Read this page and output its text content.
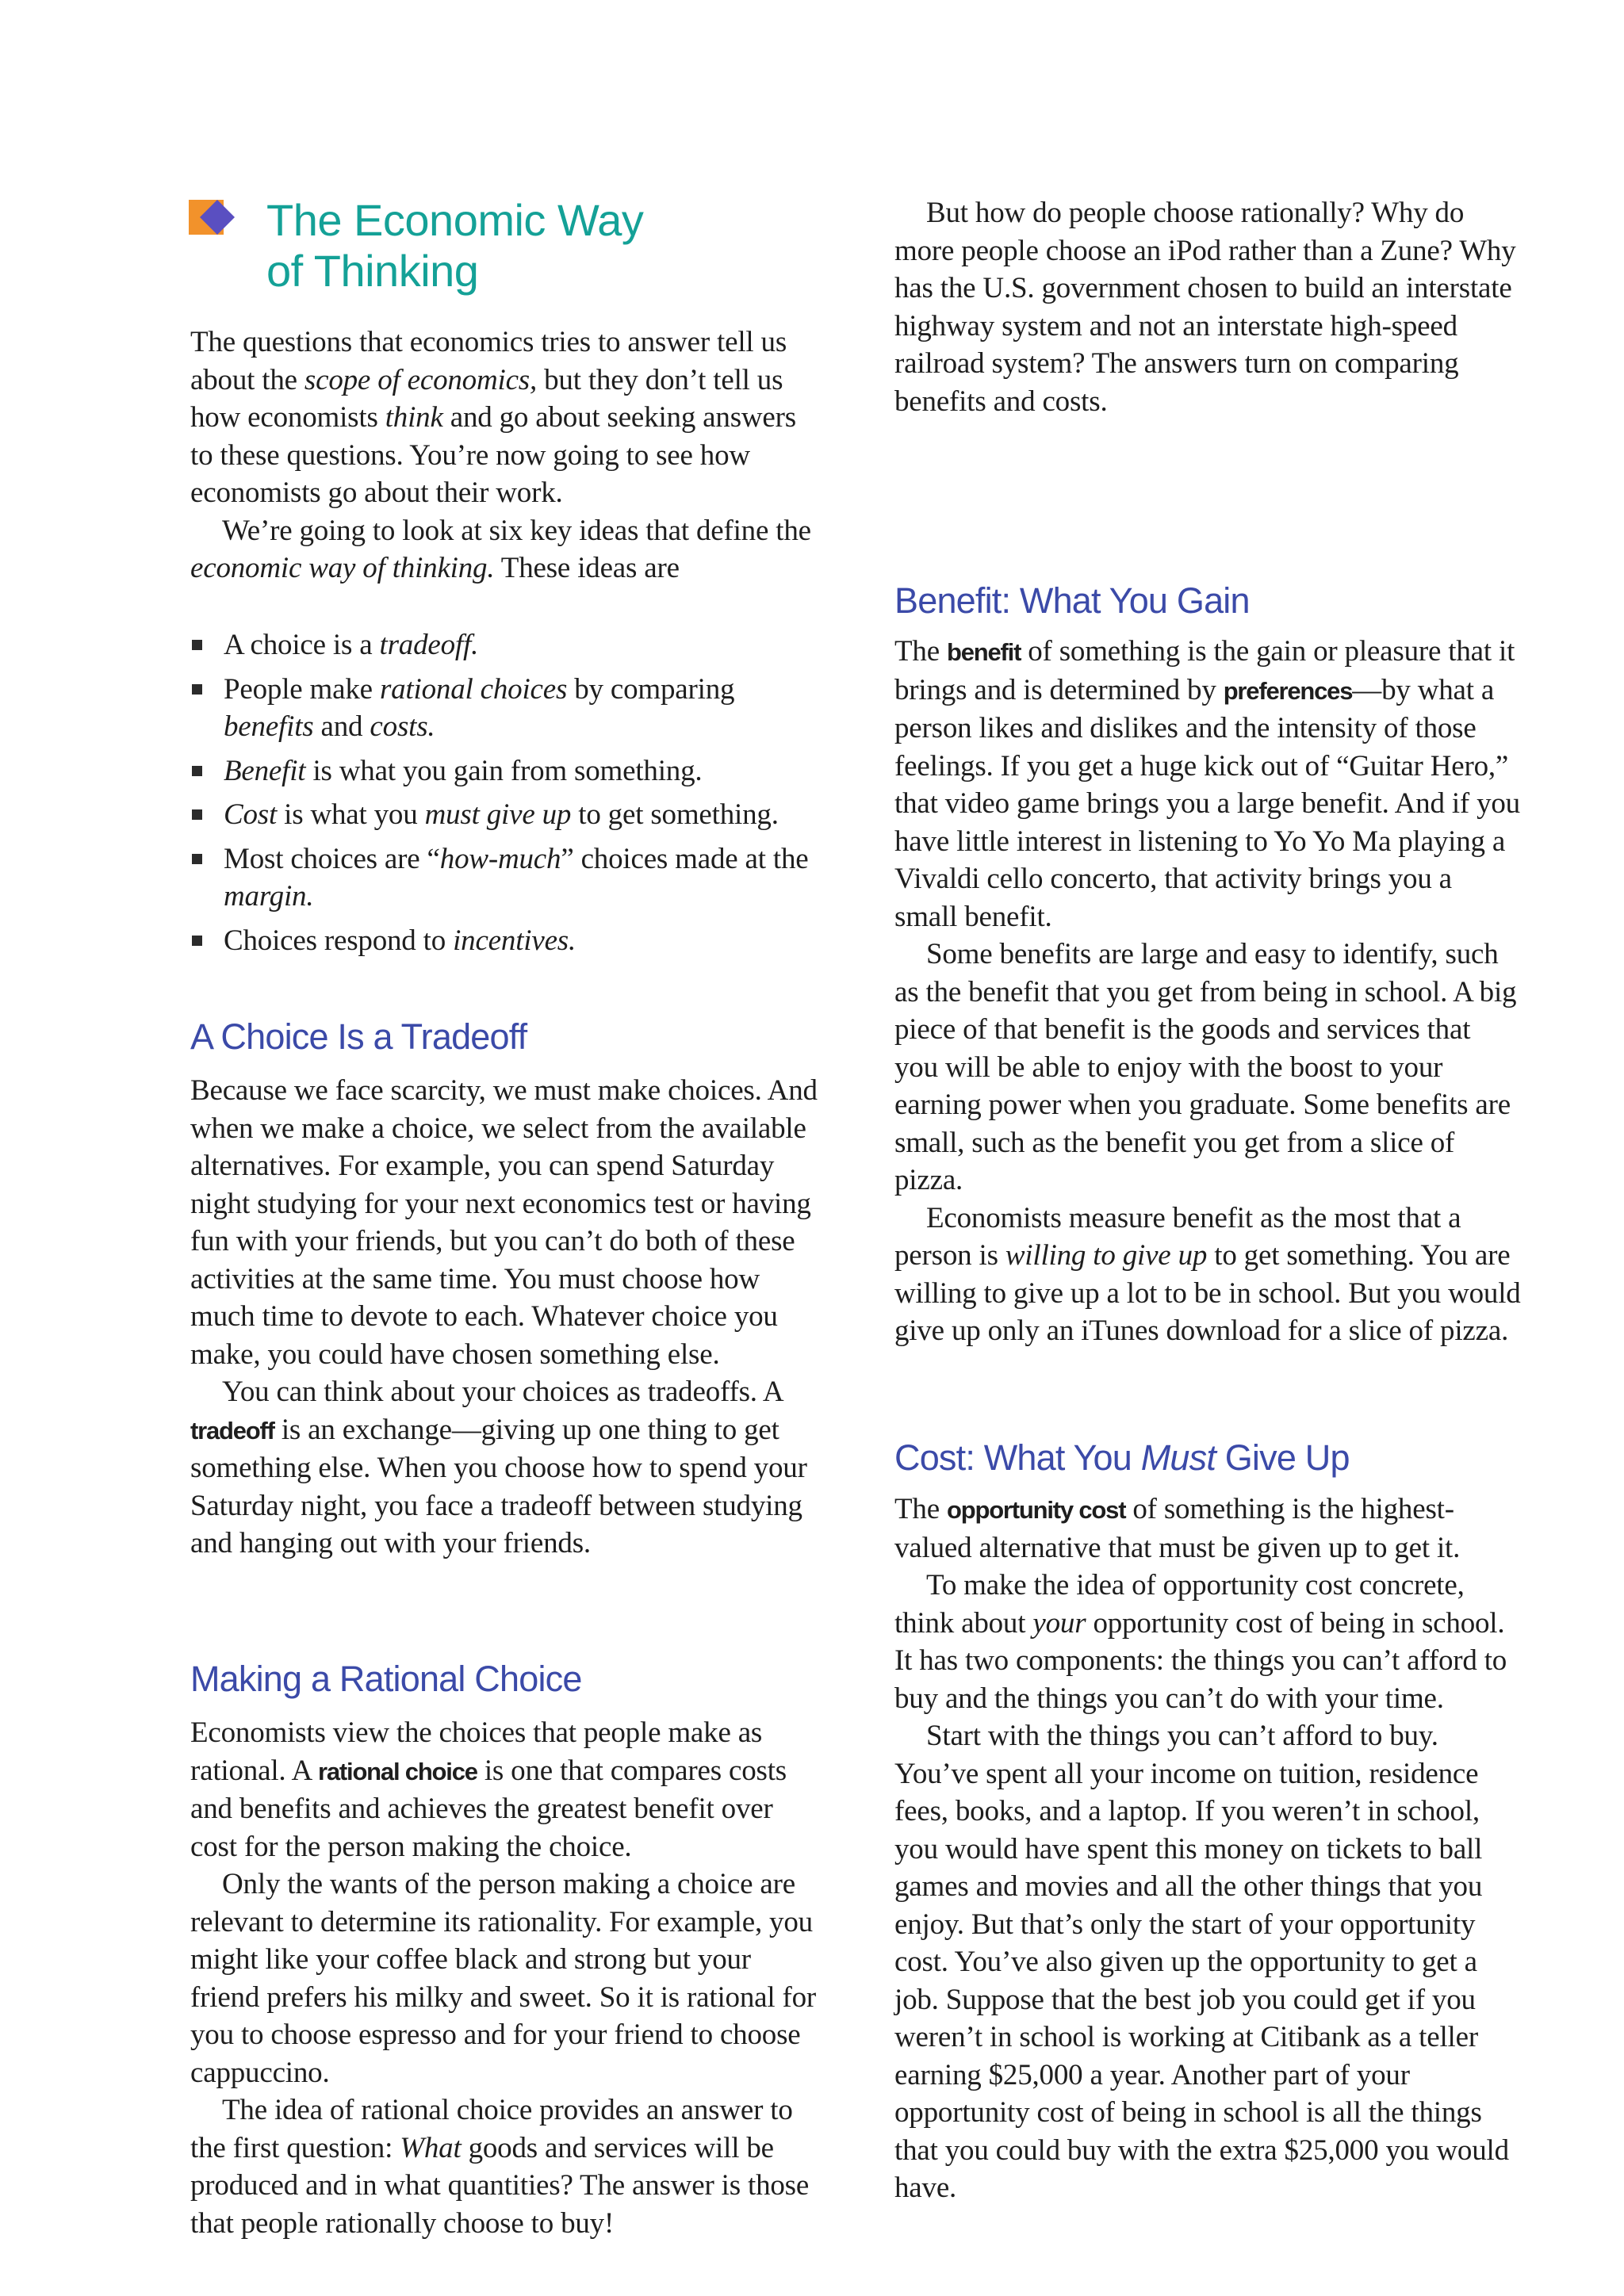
The Economic Way
of Thinking

The questions that economics tries to answer tell us about the scope of economics, but they don’t tell us how economists think and go about seeking answers to these questions. You’re now going to see how economists go about their work.

We’re going to look at six key ideas that define the economic way of thinking. These ideas are

A choice is a tradeoff.
People make rational choices by comparing benefits and costs.
Benefit is what you gain from something.
Cost is what you must give up to get something.
Most choices are “how-much” choices made at the margin.
Choices respond to incentives.
A Choice Is a Tradeoff

Because we face scarcity, we must make choices. And when we make a choice, we select from the available alternatives. For example, you can spend Saturday night studying for your next economics test or having fun with your friends, but you can’t do both of these activities at the same time. You must choose how much time to devote to each. Whatever choice you make, you could have chosen something else.

You can think about your choices as tradeoffs. A tradeoff is an exchange—giving up one thing to get something else. When you choose how to spend your Saturday night, you face a tradeoff between studying and hanging out with your friends.

Making a Rational Choice

Economists view the choices that people make as rational. A rational choice is one that compares costs and benefits and achieves the greatest benefit over cost for the person making the choice.

Only the wants of the person making a choice are relevant to determine its rationality. For example, you might like your coffee black and strong but your friend prefers his milky and sweet. So it is rational for you to choose espresso and for your friend to choose cappuccino.

The idea of rational choice provides an answer to the first question: What goods and services will be produced and in what quantities? The answer is those that people rationally choose to buy!

But how do people choose rationally? Why do more people choose an iPod rather than a Zune? Why has the U.S. government chosen to build an interstate highway system and not an interstate high-speed railroad system? The answers turn on comparing benefits and costs.

Benefit: What You Gain

The benefit of something is the gain or pleasure that it brings and is determined by preferences—by what a person likes and dislikes and the intensity of those feelings. If you get a huge kick out of “Guitar Hero,” that video game brings you a large benefit. And if you have little interest in listening to Yo Yo Ma playing a Vivaldi cello concerto, that activity brings you a small benefit.

Some benefits are large and easy to identify, such as the benefit that you get from being in school. A big piece of that benefit is the goods and services that you will be able to enjoy with the boost to your earning power when you graduate. Some benefits are small, such as the benefit you get from a slice of pizza.

Economists measure benefit as the most that a person is willing to give up to get something. You are willing to give up a lot to be in school. But you would give up only an iTunes download for a slice of pizza.

Cost: What You Must Give Up

The opportunity cost of something is the highest-valued alternative that must be given up to get it.

To make the idea of opportunity cost concrete, think about your opportunity cost of being in school. It has two components: the things you can’t afford to buy and the things you can’t do with your time.

Start with the things you can’t afford to buy. You’ve spent all your income on tuition, residence fees, books, and a laptop. If you weren’t in school, you would have spent this money on tickets to ball games and movies and all the other things that you enjoy. But that’s only the start of your opportunity cost. You’ve also given up the opportunity to get a job. Suppose that the best job you could get if you weren’t in school is working at Citibank as a teller earning $25,000 a year. Another part of your opportunity cost of being in school is all the things that you could buy with the extra $25,000 you would have.
